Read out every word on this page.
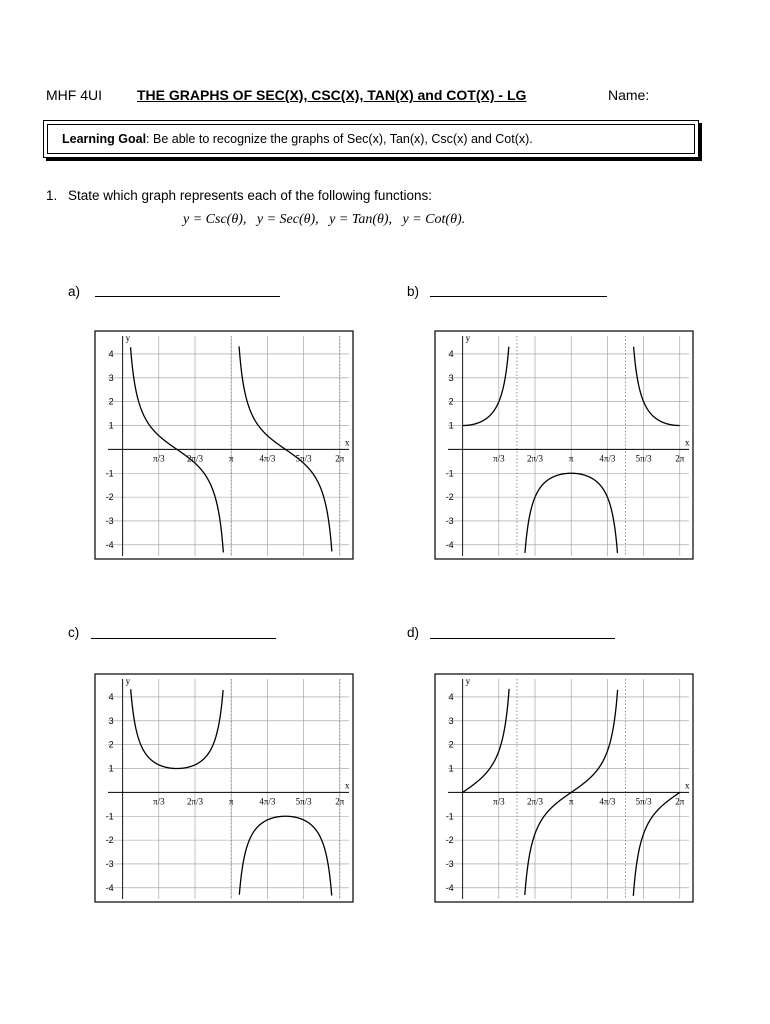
MHF 4UI	THE GRAPHS OF SEC(X), CSC(X), TAN(X) and COT(X) - LG	Name:
Learning Goal: Be able to recognize the graphs of Sec(x), Tan(x), Csc(x) and Cot(x).
1. State which graph represents each of the following functions:
y = Csc(θ),   y = Sec(θ),   y = Tan(θ),   y = Cot(θ).
a)	b)
c)	d)
x
y
π/3 2π/3	π	4π/3 5π/3	2π
4
3
2
1
-1
-2
-3
-4
x
y
π/3 2π/3	π	4π/3 5π/3	2π
4
3
2
1
-1
-2
-3
-4
x
y
π/3 2π/3	π	4π/3 5π/3	2π
4
3
2
1
-1
-2
-3
-4
x
y
π/3 2π/3	π	4π/3 5π/3	2π
4
3
2
1
-1
-2
-3
-4
